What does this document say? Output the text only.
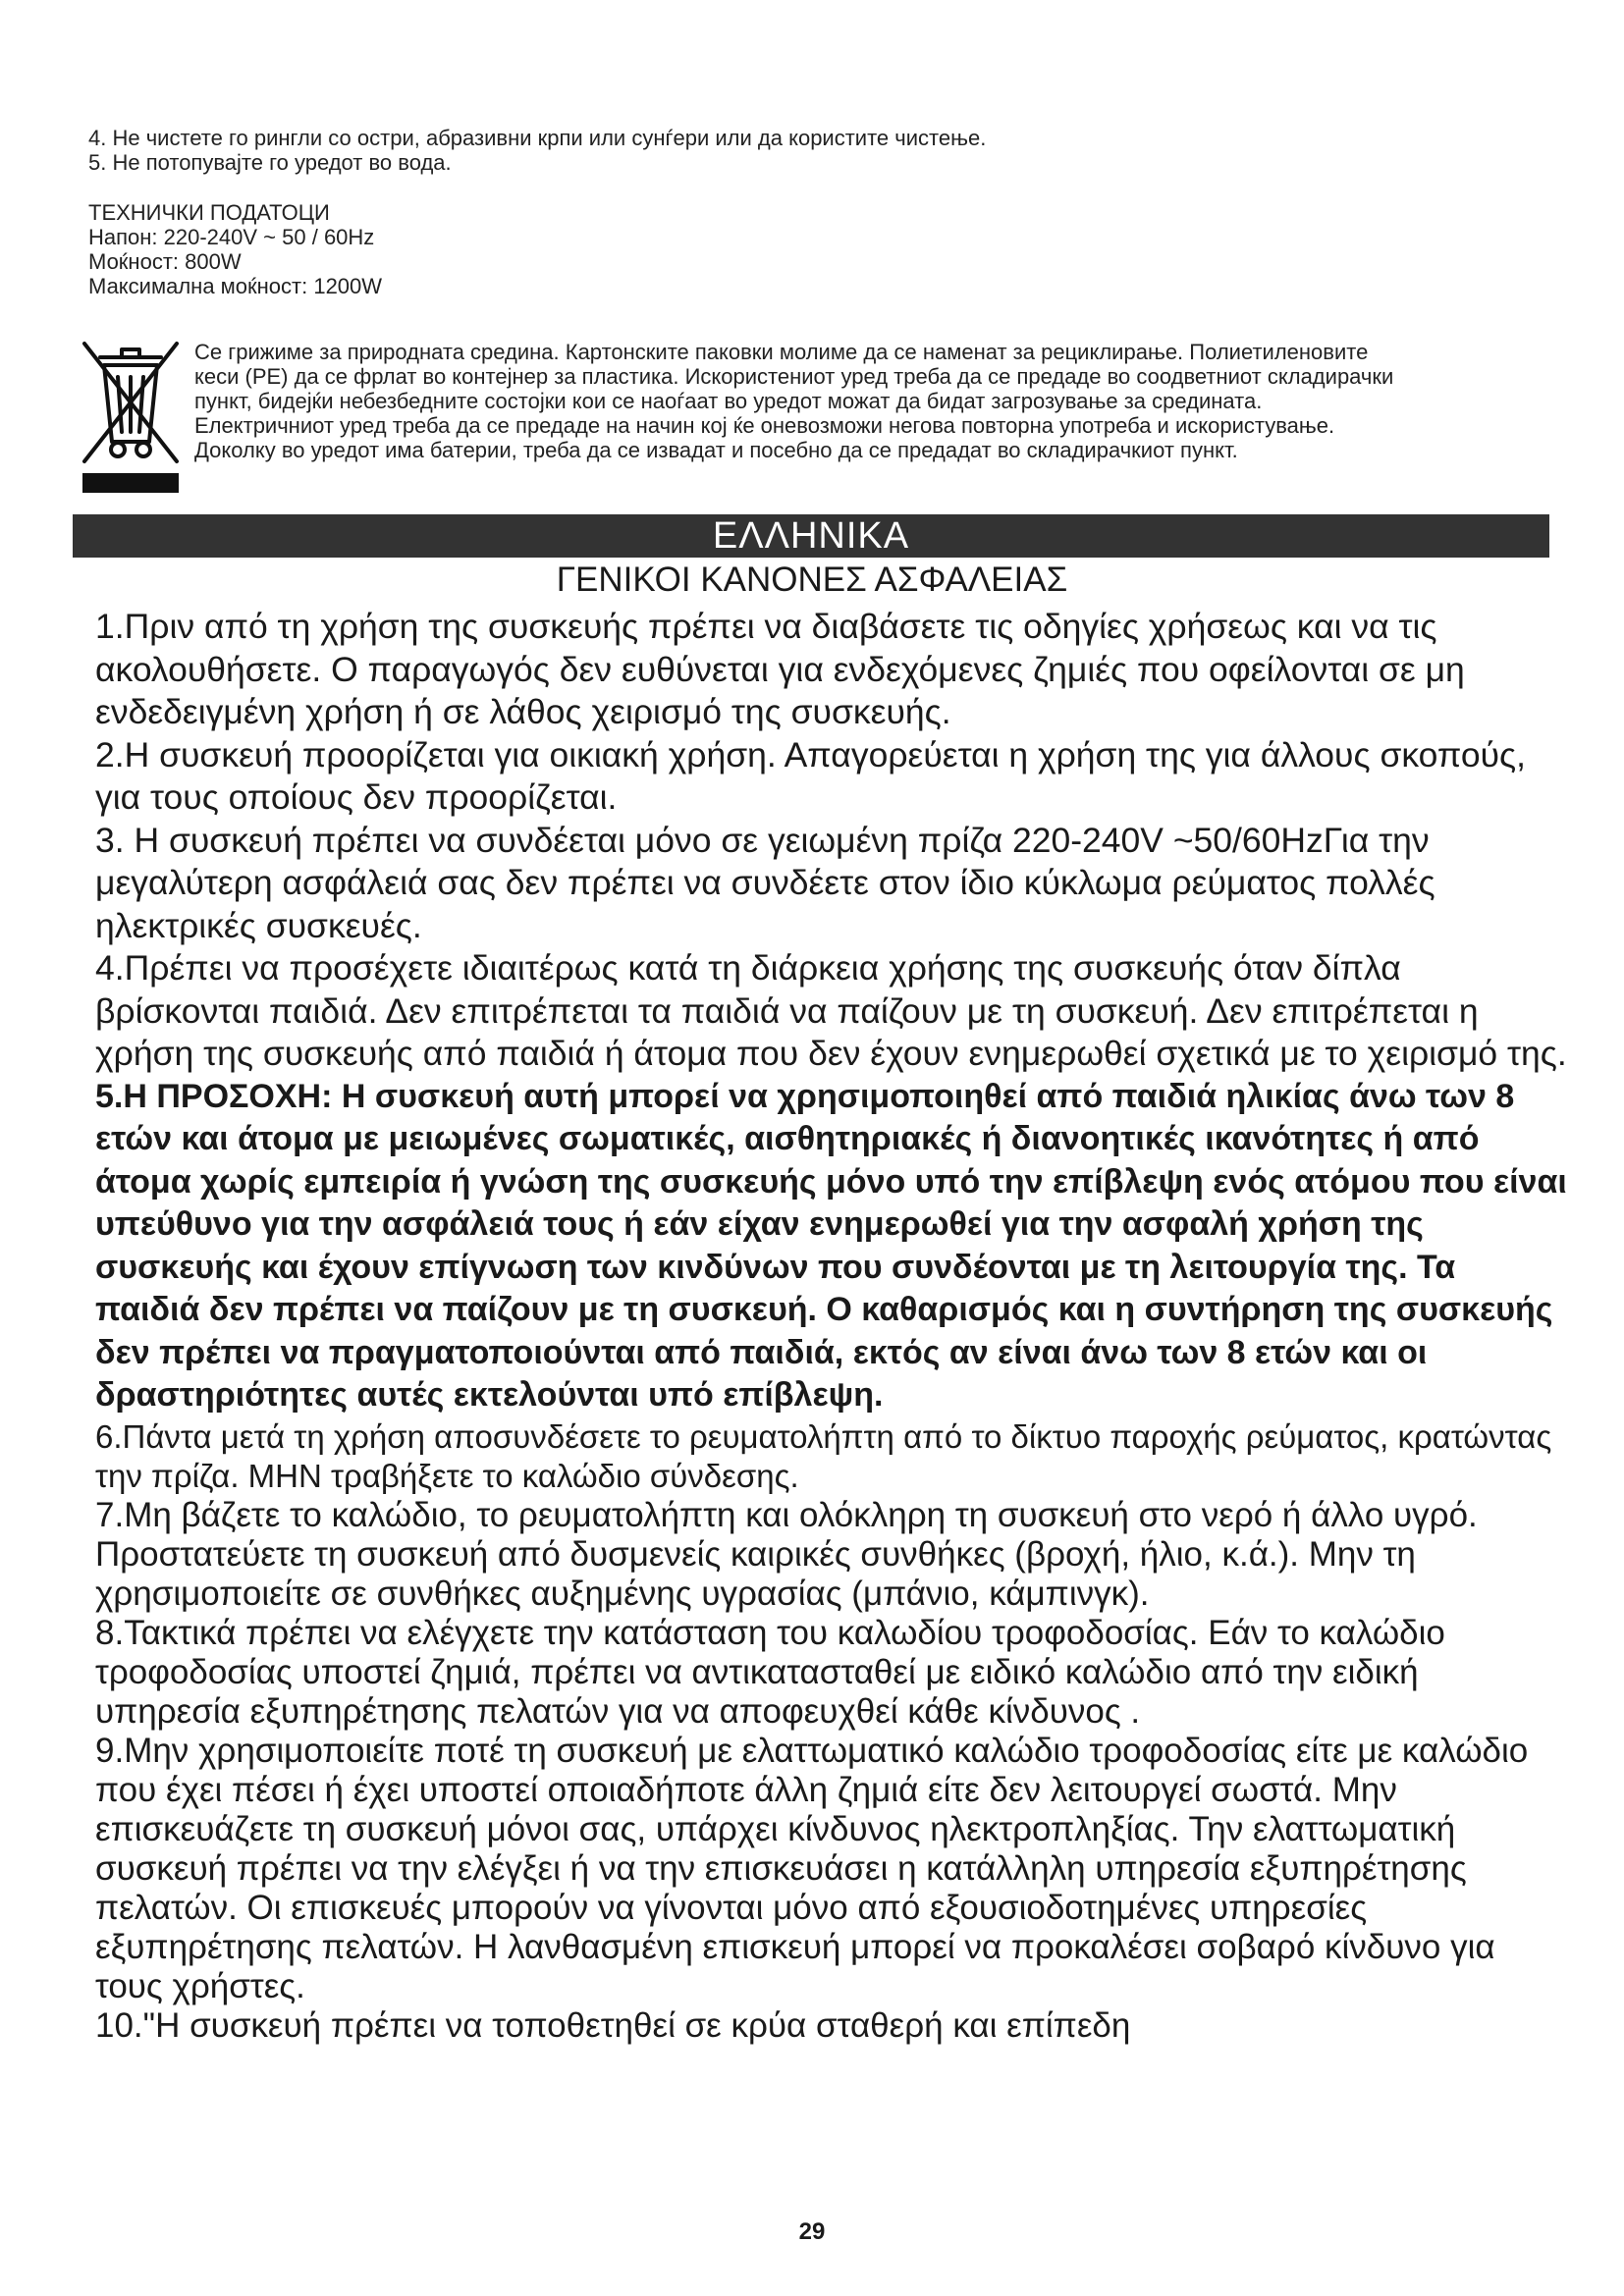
4. Не чистете го рингли со остри, абразивни крпи или сунѓери или да користите чистење.

5. Не потопувајте го уредот во вода.

ТЕХНИЧКИ ПОДАТОЦИ

Напон: 220-240V ~ 50 / 60Hz

Моќност: 800W

Максимална моќност: 1200W

Се грижиме за природната средина. Картонските паковки молиме да се наменат за рециклирање. Полиетиленовите

кеси (PE) да се фрлат во контејнер за пластика. Искористениот уред треба да се предаде во соодветниот складирачки

пункт, бидејќи небезбедните состојки кои се наоѓаат во уредот можат да бидат загрозување за средината.

Електричниот уред треба да се предаде на начин кој ќе оневозможи негова повторна употреба и искористување.

Доколку во уредот има батерии, треба да се извадат и посебно да се предадат во складирачкиот пункт.

ΕΛΛΗΝΙΚΑ
ΓΕΝΙΚΟΙ ΚΑΝΟΝΕΣ ΑΣΦΑΛΕΙΑΣ

1.Πριν από τη χρήση της συσκευής πρέπει να διαβάσετε τις οδηγίες χρήσεως και να τις ακολουθήσετε. Ο παραγωγός δεν ευθύνεται για ενδεχόμενες ζημιές που οφείλονται σε μη ενδεδειγμένη χρήση ή σε λάθος χειρισμό της συσκευής.

2.Η συσκευή προορίζεται για οικιακή χρήση. Απαγορεύεται η χρήση της για άλλους σκοπούς, για τους οποίους δεν προορίζεται.

3. Η συσκευή πρέπει να συνδέεται μόνο σε γειωμένη πρίζα 220-240V ~50/60HzΓια την μεγαλύτερη ασφάλειά σας δεν πρέπει να συνδέετε στον ίδιο κύκλωμα ρεύματος πολλές ηλεκτρικές συσκευές.

4.Πρέπει να προσέχετε ιδιαιτέρως κατά τη διάρκεια χρήσης της συσκευής όταν δίπλα βρίσκονται παιδιά. Δεν επιτρέπεται τα παιδιά να παίζουν με τη συσκευή. Δεν επιτρέπεται η χρήση της συσκευής από παιδιά ή άτομα που δεν έχουν ενημερωθεί σχετικά με το χειρισμό της.

5.Η ΠΡΟΣΟΧΗ: Η συσκευή αυτή μπορεί να χρησιμοποιηθεί από παιδιά ηλικίας άνω των 8 ετών και άτομα με μειωμένες σωματικές, αισθητηριακές ή διανοητικές ικανότητες ή από άτομα χωρίς εμπειρία ή γνώση της συσκευής μόνο υπό την επίβλεψη ενός ατόμου που είναι υπεύθυνο για την ασφάλειά τους ή εάν είχαν ενημερωθεί για την ασφαλή χρήση της συσκευής και έχουν επίγνωση των κινδύνων που συνδέονται με τη λειτουργία της. Τα παιδιά δεν πρέπει να παίζουν με τη συσκευή. Ο καθαρισμός και η συντήρηση της συσκευής δεν πρέπει να πραγματοποιούνται από παιδιά, εκτός αν είναι άνω των 8 ετών και οι δραστηριότητες αυτές εκτελούνται υπό επίβλεψη.

6.Πάντα μετά τη χρήση αποσυνδέσετε το ρευματολήπτη από το δίκτυο παροχής ρεύματος, κρατώντας την πρίζα. ΜΗΝ τραβήξετε το καλώδιο σύνδεσης.

7.Μη βάζετε το καλώδιο, το ρευματολήπτη και ολόκληρη τη συσκευή στο νερό ή άλλο υγρό. Προστατεύετε τη συσκευή από δυσμενείς καιρικές συνθήκες (βροχή, ήλιο, κ.ά.). Μην τη χρησιμοποιείτε σε συνθήκες αυξημένης υγρασίας (μπάνιο, κάμπινγκ).

8.Τακτικά πρέπει να ελέγχετε την κατάσταση του καλωδίου τροφοδοσίας. Εάν το καλώδιο τροφοδοσίας υποστεί ζημιά, πρέπει να αντικατασταθεί με ειδικό καλώδιο από την ειδική υπηρεσία εξυπηρέτησης πελατών για να αποφευχθεί κάθε κίνδυνος .

9.Μην χρησιμοποιείτε ποτέ τη συσκευή με ελαττωματικό καλώδιο τροφοδοσίας είτε με καλώδιο που έχει πέσει ή έχει υποστεί οποιαδήποτε άλλη ζημιά είτε δεν λειτουργεί σωστά. Μην επισκευάζετε τη συσκευή μόνοι σας, υπάρχει κίνδυνος ηλεκτροπληξίας. Την ελαττωματική συσκευή πρέπει να την ελέγξει ή να την επισκευάσει η κατάλληλη υπηρεσία εξυπηρέτησης πελατών. Οι επισκευές μπορούν να γίνονται μόνο από εξουσιοδοτημένες υπηρεσίες εξυπηρέτησης πελατών. Η λανθασμένη επισκευή μπορεί να προκαλέσει σοβαρό κίνδυνο για τους χρήστες.

10."Η συσκευή πρέπει να τοποθετηθεί σε κρύα σταθερή και επίπεδη

29
